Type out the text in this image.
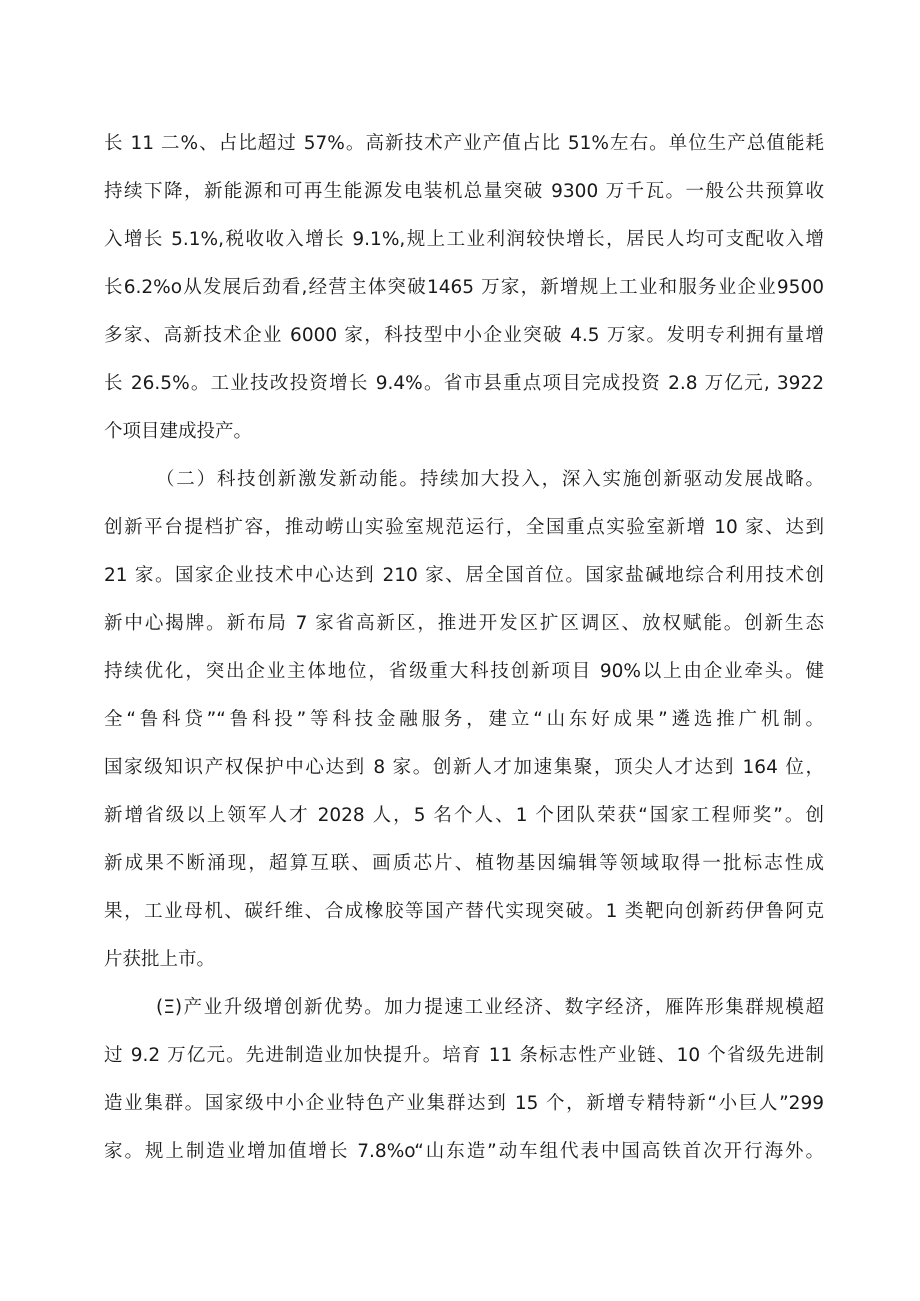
长 11 二%、占比超过 57%。高新技术产业产值占比 51%左右。单位生产总值能耗
持续下降，新能源和可再生能源发电装机总量突破 9300 万千瓦。一般公共预算收
入增长 5.1%,税收收入增长 9.1%,规上工业利润较快增长，居民人均可支配收入增
长6.2%o从发展后劲看,经营主体突破1465 万家，新增规上工业和服务业企业9500
多家、高新技术企业 6000 家，科技型中小企业突破 4.5 万家。发明专利拥有量增
长 26.5%。工业技改投资增长 9.4%。省市县重点项目完成投资 2.8 万亿元, 3922
个项目建成投产。
（二）科技创新激发新动能。持续加大投入，深入实施创新驱动发展战略。
创新平台提档扩容，推动崂山实验室规范运行，全国重点实验室新增 10 家、达到
21 家。国家企业技术中心达到 210 家、居全国首位。国家盐碱地综合利用技术创
新中心揭牌。新布局 7 家省高新区，推进开发区扩区调区、放权赋能。创新生态
持续优化，突出企业主体地位，省级重大科技创新项目 90%以上由企业牵头。健
全“鲁科贷”“鲁科投”等科技金融服务，建立“山东好成果”遴选推广机制。
国家级知识产权保护中心达到 8 家。创新人才加速集聚，顶尖人才达到 164 位，
新增省级以上领军人才 2028 人，5 名个人、1 个团队荣获“国家工程师奖”。创
新成果不断涌现，超算互联、画质芯片、植物基因编辑等领域取得一批标志性成
果，工业母机、碳纤维、合成橡胶等国产替代实现突破。1 类靶向创新药伊鲁阿克
片获批上市。
(Ξ)产业升级增创新优势。加力提速工业经济、数字经济，雁阵形集群规模超
过 9.2 万亿元。先进制造业加快提升。培育 11 条标志性产业链、10 个省级先进制
造业集群。国家级中小企业特色产业集群达到 15 个，新增专精特新“小巨人”299
家。规上制造业增加值增长 7.8%o“山东造”动车组代表中国高铁首次开行海外。
